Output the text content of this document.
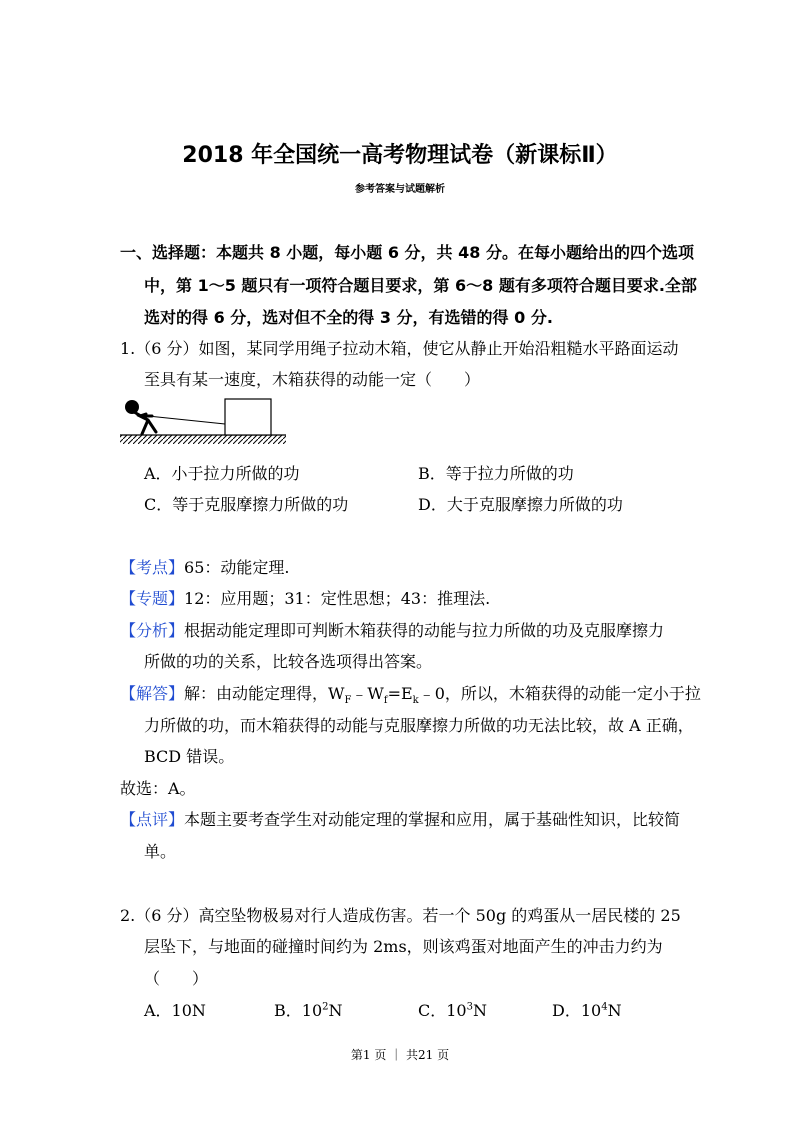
2018 年全国统一高考物理试卷（新课标Ⅱ）
参考答案与试题解析
一、选择题：本题共 8 小题，每小题 6 分，共 48 分。在每小题给出的四个选项
中，第 1～5 题只有一项符合题目要求，第 6～8 题有多项符合题目要求.全部
选对的得 6 分，选对但不全的得 3 分，有选错的得 0 分.
1.（6 分）如图，某同学用绳子拉动木箱，使它从静止开始沿粗糙水平路面运动
至具有某一速度，木箱获得的动能一定（　　）
A．小于拉力所做的功	B．等于拉力所做的功
C．等于克服摩擦力所做的功	D．大于克服摩擦力所做的功
【考点】65：动能定理.
【专题】12：应用题；31：定性思想；43：推理法.
【分析】根据动能定理即可判断木箱获得的动能与拉力所做的功及克服摩擦力
所做的功的关系，比较各选项得出答案。
【解答】解：由动能定理得，$W_F﹣W_f=E_k﹣0$，所以，木箱获得的动能一定小于拉
力所做的功，而木箱获得的动能与克服摩擦力所做的功无法比较，故 A 正确，
BCD 错误。
故选：A。
【点评】本题主要考查学生对动能定理的掌握和应用，属于基础性知识，比较简
单。
2.（6 分）高空坠物极易对行人造成伤害。若一个 50g 的鸡蛋从一居民楼的 25
层坠下，与地面的碰撞时间约为 2ms，则该鸡蛋对地面产生的冲击力约为
（　　）
A．10N	B．$10^2N$	C．$10^3N$	D．$10^4N$
第1 页 ｜ 共21 页
